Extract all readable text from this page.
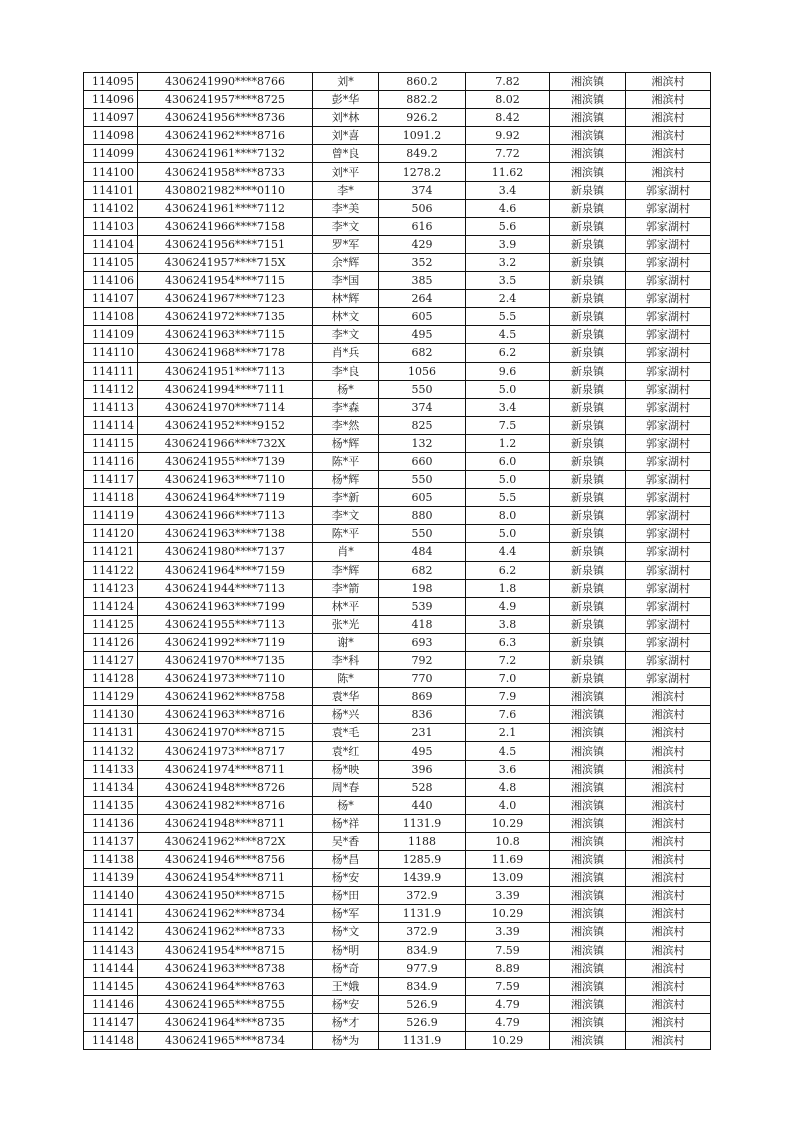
114095	4306241990****8766	刘*	860.2	7.82	湘滨镇	湘滨村
114096	4306241957****8725	彭*华	882.2	8.02	湘滨镇	湘滨村
114097	4306241956****8736	刘*林	926.2	8.42	湘滨镇	湘滨村
114098	4306241962****8716	刘*喜	1091.2	9.92	湘滨镇	湘滨村
114099	4306241961****7132	曾*良	849.2	7.72	湘滨镇	湘滨村
114100	4306241958****8733	刘*平	1278.2	11.62	湘滨镇	湘滨村
114101	4308021982****0110	李*	374	3.4	新泉镇	郭家湖村
114102	4306241961****7112	李*美	506	4.6	新泉镇	郭家湖村
114103	4306241966****7158	李*文	616	5.6	新泉镇	郭家湖村
114104	4306241956****7151	罗*军	429	3.9	新泉镇	郭家湖村
114105	4306241957****715X	余*辉	352	3.2	新泉镇	郭家湖村
114106	4306241954****7115	李*国	385	3.5	新泉镇	郭家湖村
114107	4306241967****7123	林*辉	264	2.4	新泉镇	郭家湖村
114108	4306241972****7135	林*文	605	5.5	新泉镇	郭家湖村
114109	4306241963****7115	李*文	495	4.5	新泉镇	郭家湖村
114110	4306241968****7178	肖*兵	682	6.2	新泉镇	郭家湖村
114111	4306241951****7113	李*良	1056	9.6	新泉镇	郭家湖村
114112	4306241994****7111	杨*	550	5.0	新泉镇	郭家湖村
114113	4306241970****7114	李*森	374	3.4	新泉镇	郭家湖村
114114	4306241952****9152	李*然	825	7.5	新泉镇	郭家湖村
114115	4306241966****732X	杨*辉	132	1.2	新泉镇	郭家湖村
114116	4306241955****7139	陈*平	660	6.0	新泉镇	郭家湖村
114117	4306241963****7110	杨*辉	550	5.0	新泉镇	郭家湖村
114118	4306241964****7119	李*新	605	5.5	新泉镇	郭家湖村
114119	4306241966****7113	李*文	880	8.0	新泉镇	郭家湖村
114120	4306241963****7138	陈*平	550	5.0	新泉镇	郭家湖村
114121	4306241980****7137	肖*	484	4.4	新泉镇	郭家湖村
114122	4306241964****7159	李*辉	682	6.2	新泉镇	郭家湖村
114123	4306241944****7113	李*箭	198	1.8	新泉镇	郭家湖村
114124	4306241963****7199	林*平	539	4.9	新泉镇	郭家湖村
114125	4306241955****7113	张*光	418	3.8	新泉镇	郭家湖村
114126	4306241992****7119	谢*	693	6.3	新泉镇	郭家湖村
114127	4306241970****7135	李*科	792	7.2	新泉镇	郭家湖村
114128	4306241973****7110	陈*	770	7.0	新泉镇	郭家湖村
114129	4306241962****8758	袁*华	869	7.9	湘滨镇	湘滨村
114130	4306241963****8716	杨*兴	836	7.6	湘滨镇	湘滨村
114131	4306241970****8715	袁*毛	231	2.1	湘滨镇	湘滨村
114132	4306241973****8717	袁*红	495	4.5	湘滨镇	湘滨村
114133	4306241974****8711	杨*映	396	3.6	湘滨镇	湘滨村
114134	4306241948****8726	周*春	528	4.8	湘滨镇	湘滨村
114135	4306241982****8716	杨*	440	4.0	湘滨镇	湘滨村
114136	4306241948****8711	杨*祥	1131.9	10.29	湘滨镇	湘滨村
114137	4306241962****872X	吴*香	1188	10.8	湘滨镇	湘滨村
114138	4306241946****8756	杨*昌	1285.9	11.69	湘滨镇	湘滨村
114139	4306241954****8711	杨*安	1439.9	13.09	湘滨镇	湘滨村
114140	4306241950****8715	杨*田	372.9	3.39	湘滨镇	湘滨村
114141	4306241962****8734	杨*军	1131.9	10.29	湘滨镇	湘滨村
114142	4306241962****8733	杨*文	372.9	3.39	湘滨镇	湘滨村
114143	4306241954****8715	杨*明	834.9	7.59	湘滨镇	湘滨村
114144	4306241963****8738	杨*奇	977.9	8.89	湘滨镇	湘滨村
114145	4306241964****8763	王*娥	834.9	7.59	湘滨镇	湘滨村
114146	4306241965****8755	杨*安	526.9	4.79	湘滨镇	湘滨村
114147	4306241964****8735	杨*才	526.9	4.79	湘滨镇	湘滨村
114148	4306241965****8734	杨*为	1131.9	10.29	湘滨镇	湘滨村
